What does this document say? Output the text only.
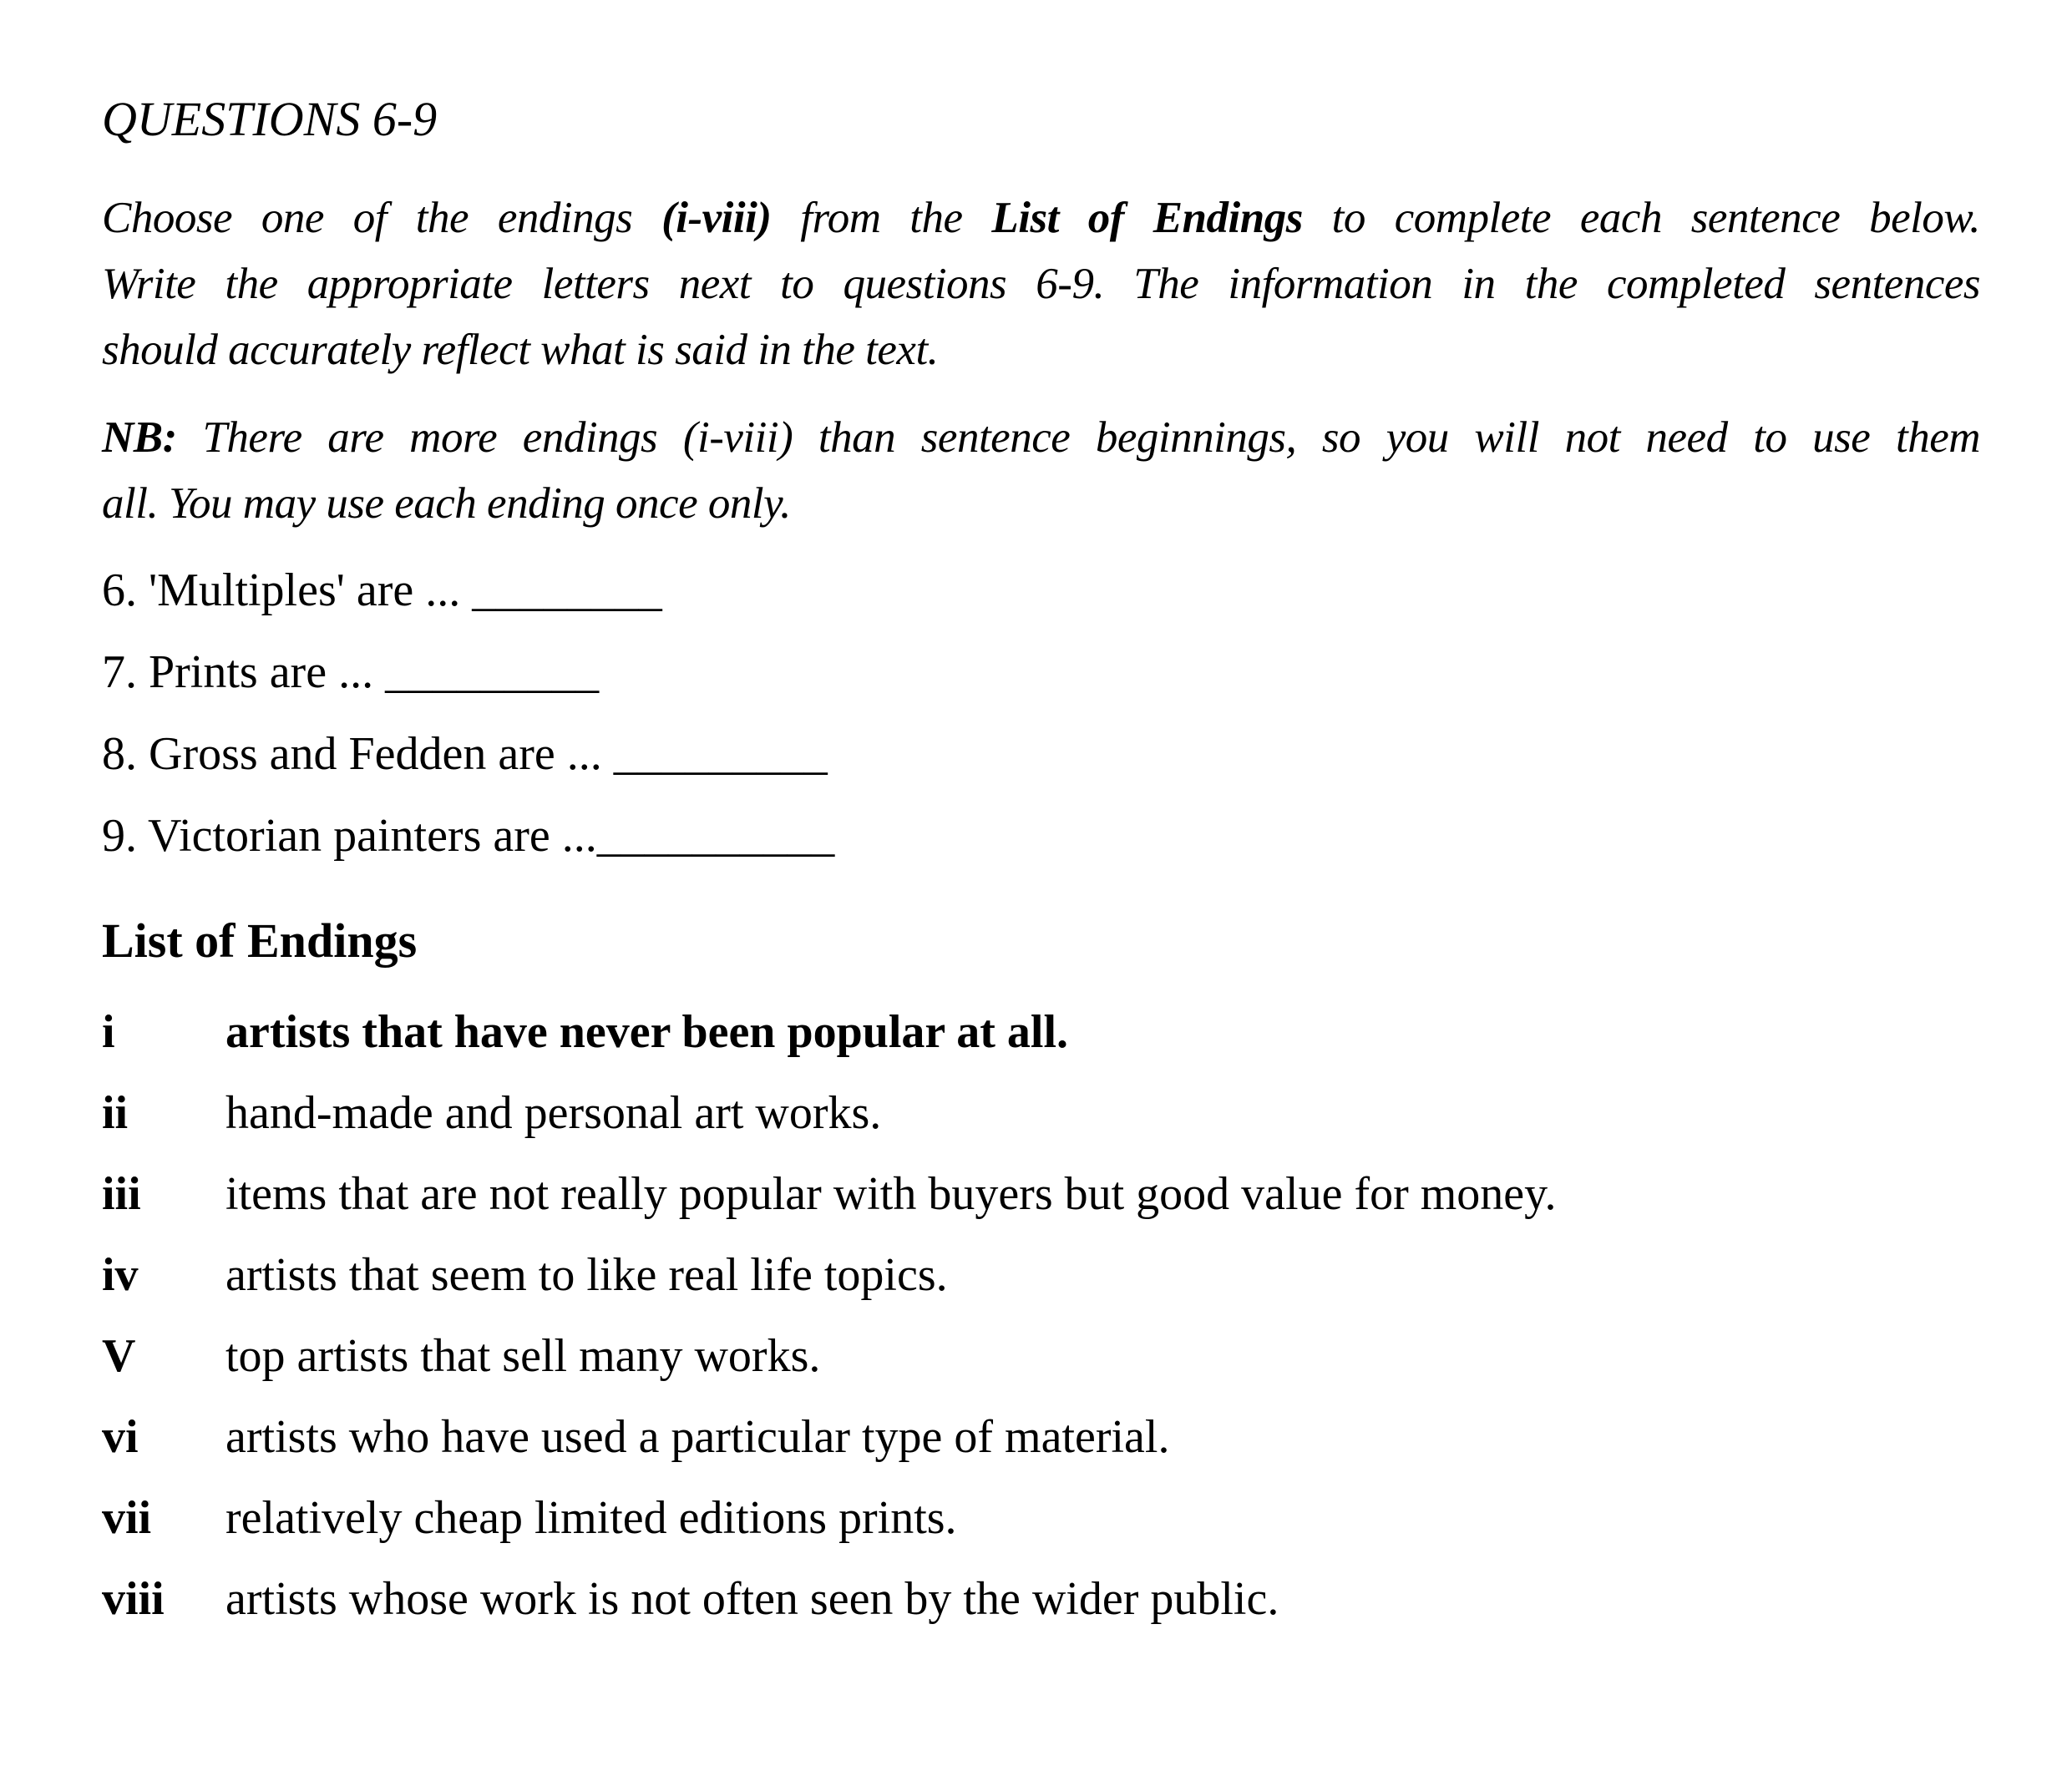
QUESTIONS 6-9
Choose one of the endings (i-viii) from the List of Endings to complete each sentence below.
Write the appropriate letters next to questions 6-9. The information in the completed sentences
should accurately reflect what is said in the text.
NB: There are more endings (i-viii) than sentence beginnings, so you will not need to use them
all. You may use each ending once only.
6. 'Multiples' are ... ________
7. Prints are ... _________
8. Gross and Fedden are ... _________
9. Victorian painters are ...__________
List of Endings
i	artists that have never been popular at all.
ii	hand-made and personal art works.
iii	items that are not really popular with buyers but good value for money.
iv	artists that seem to like real life topics.
V	top artists that sell many works.
vi	artists who have used a particular type of material.
vii	relatively cheap limited editions prints.
viii	artists whose work is not often seen by the wider public.
